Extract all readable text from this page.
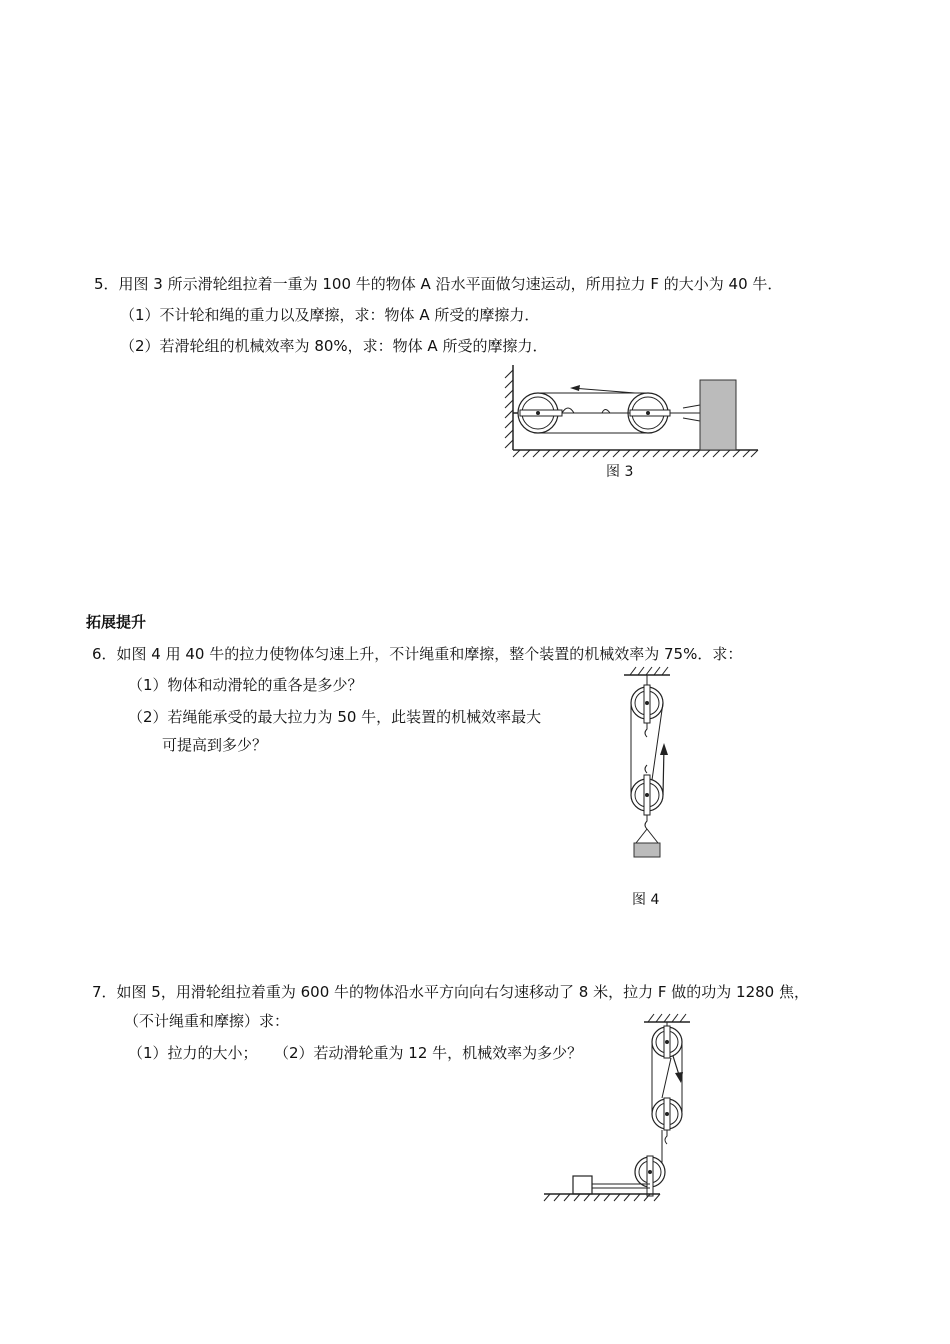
5．用图 3 所示滑轮组拉着一重为 100 牛的物体 A 沿水平面做匀速运动，所用拉力 F 的大小为 40 牛．
（1）不计轮和绳的重力以及摩擦，求：物体 A 所受的摩擦力．
（2）若滑轮组的机械效率为 80%，求：物体 A 所受的摩擦力．
图 3
拓展提升
6．如图 4 用 40 牛的拉力使物体匀速上升，不计绳重和摩擦，整个装置的机械效率为 75%．求：
（1）物体和动滑轮的重各是多少？
（2）若绳能承受的最大拉力为 50 牛，此装置的机械效率最大
可提高到多少？
图 4
7．如图 5，用滑轮组拉着重为 600 牛的物体沿水平方向向右匀速移动了 8 米，拉力 F 做的功为 1280 焦，
（不计绳重和摩擦）求：
（1）拉力的大小； （2）若动滑轮重为 12 牛，机械效率为多少？
